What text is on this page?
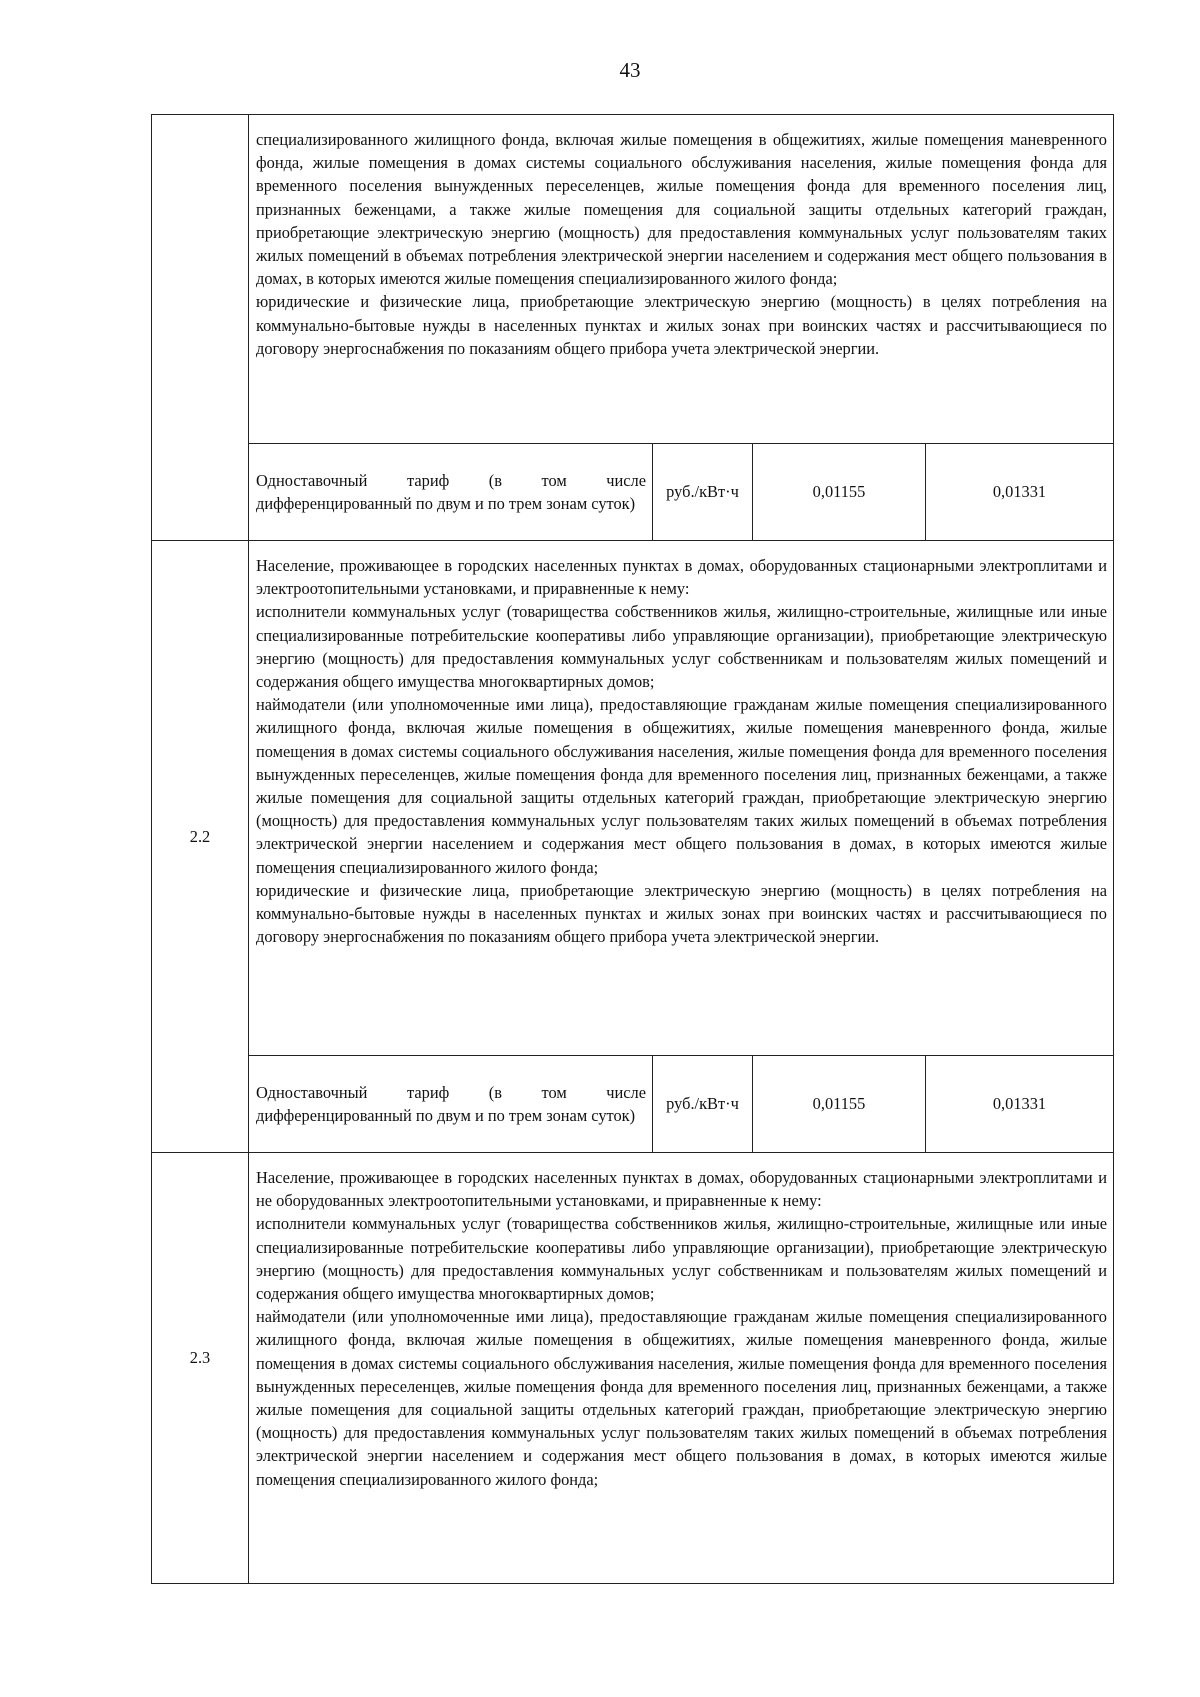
43

	специализированного жилищного фонда, включая жилые помещения в общежитиях, жилые помещения маневренного фонда, жилые помещения в домах системы социального обслуживания населения, жилые помещения фонда для временного поселения вынужденных переселенцев, жилые помещения фонда для временного поселения лиц, признанных беженцами, а также жилые помещения для социальной защиты отдельных категорий граждан, приобретающие электрическую энергию (мощность) для предоставления коммунальных услуг пользователям таких жилых помещений в объемах потребления электрической энергии населением и содержания мест общего пользования в домах, в которых имеются жилые помещения специализированного жилого фонда;

юридические и физические лица, приобретающие электрическую энергию (мощность) в целях потребления на коммунально-бытовые нужды в населенных пунктах и жилых зонах при воинских частях и рассчитывающиеся по договору энергоснабжения по показаниям общего прибора учета электрической энергии.			

	Одноставочный тариф (в том числе дифференцированный по двум и по трем зонам суток)	руб./кВт·ч	0,01155	0,01331
2.2	Население, проживающее в городских населенных пунктах в домах, оборудованных стационарными электроплитами и электроотопительными установками, и приравненные к нему:

исполнители коммунальных услуг (товарищества собственников жилья, жилищно-строительные, жилищные или иные специализированные потребительские кооперативы либо управляющие организации), приобретающие электрическую энергию (мощность) для предоставления коммунальных услуг собственникам и пользователям жилых помещений и содержания общего имущества многоквартирных домов;

наймодатели (или уполномоченные ими лица), предоставляющие гражданам жилые помещения специализированного жилищного фонда, включая жилые помещения в общежитиях, жилые помещения маневренного фонда, жилые помещения в домах системы социального обслуживания населения, жилые помещения фонда для временного поселения вынужденных переселенцев, жилые помещения фонда для временного поселения лиц, признанных беженцами, а также жилые помещения для социальной защиты отдельных категорий граждан, приобретающие электрическую энергию (мощность) для предоставления коммунальных услуг пользователям таких жилых помещений в объемах потребления электрической энергии населением и содержания мест общего пользования в домах, в которых имеются жилые помещения специализированного жилого фонда;

юридические и физические лица, приобретающие электрическую энергию (мощность) в целях потребления на коммунально-бытовые нужды в населенных пунктах и жилых зонах при воинских частях и рассчитывающиеся по договору энергоснабжения по показаниям общего прибора учета электрической энергии.			

	Одноставочный тариф (в том числе дифференцированный по двум и по трем зонам суток)	руб./кВт·ч	0,01155	0,01331
2.3	Население, проживающее в городских населенных пунктах в домах, оборудованных стационарными электроплитами и не оборудованных электроотопительными установками, и приравненные к нему:

исполнители коммунальных услуг (товарищества собственников жилья, жилищно-строительные, жилищные или иные специализированные потребительские кооперативы либо управляющие организации), приобретающие электрическую энергию (мощность) для предоставления коммунальных услуг собственникам и пользователям жилых помещений и содержания общего имущества многоквартирных домов;

наймодатели (или уполномоченные ими лица), предоставляющие гражданам жилые помещения специализированного жилищного фонда, включая жилые помещения в общежитиях, жилые помещения маневренного фонда, жилые помещения в домах системы социального обслуживания населения, жилые помещения фонда для временного поселения вынужденных переселенцев, жилые помещения фонда для временного поселения лиц, признанных беженцами, а также жилые помещения для социальной защиты отдельных категорий граждан, приобретающие электрическую энергию (мощность) для предоставления коммунальных услуг пользователям таких жилых помещений в объемах потребления электрической энергии населением и содержания мест общего пользования в домах, в которых имеются жилые помещения специализированного жилого фонда;			
